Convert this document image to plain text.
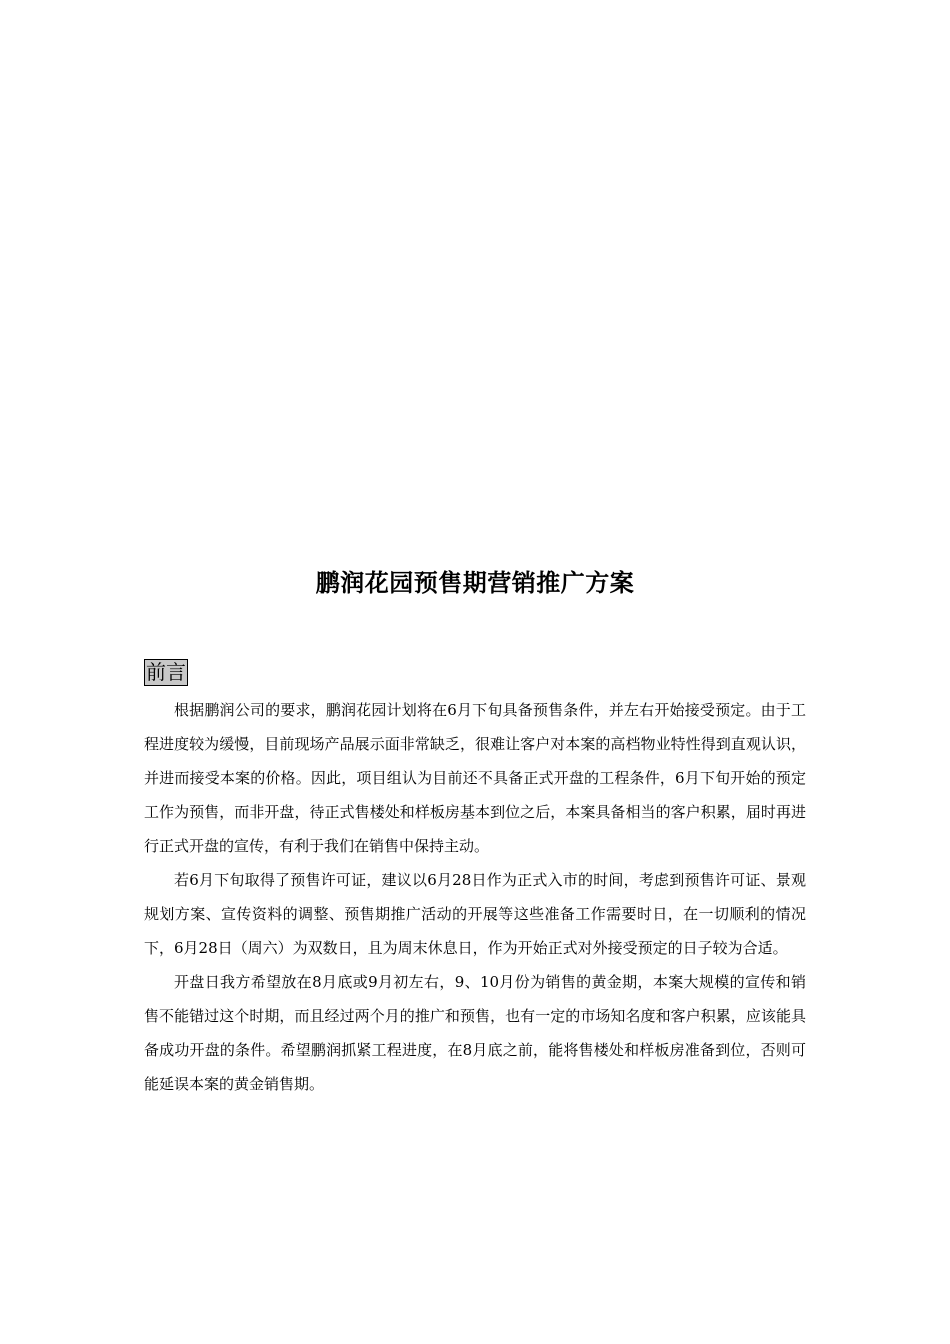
鹏润花园预售期营销推广方案
前言

根据鹏润公司的要求，鹏润花园计划将在6月下旬具备预售条件，并左右开始接受预定。由于工程进度较为缓慢，目前现场产品展示面非常缺乏，很难让客户对本案的高档物业特性得到直观认识，并进而接受本案的价格。因此，项目组认为目前还不具备正式开盘的工程条件，6月下旬开始的预定工作为预售，而非开盘，待正式售楼处和样板房基本到位之后，本案具备相当的客户积累，届时再进行正式开盘的宣传，有利于我们在销售中保持主动。

若6月下旬取得了预售许可证，建议以6月28日作为正式入市的时间，考虑到预售许可证、景观规划方案、宣传资料的调整、预售期推广活动的开展等这些准备工作需要时日，在一切顺利的情况下，6月28日（周六）为双数日，且为周末休息日，作为开始正式对外接受预定的日子较为合适。

开盘日我方希望放在8月底或9月初左右，9、10月份为销售的黄金期，本案大规模的宣传和销售不能错过这个时期，而且经过两个月的推广和预售，也有一定的市场知名度和客户积累，应该能具备成功开盘的条件。希望鹏润抓紧工程进度，在8月底之前，能将售楼处和样板房准备到位，否则可能延误本案的黄金销售期。
